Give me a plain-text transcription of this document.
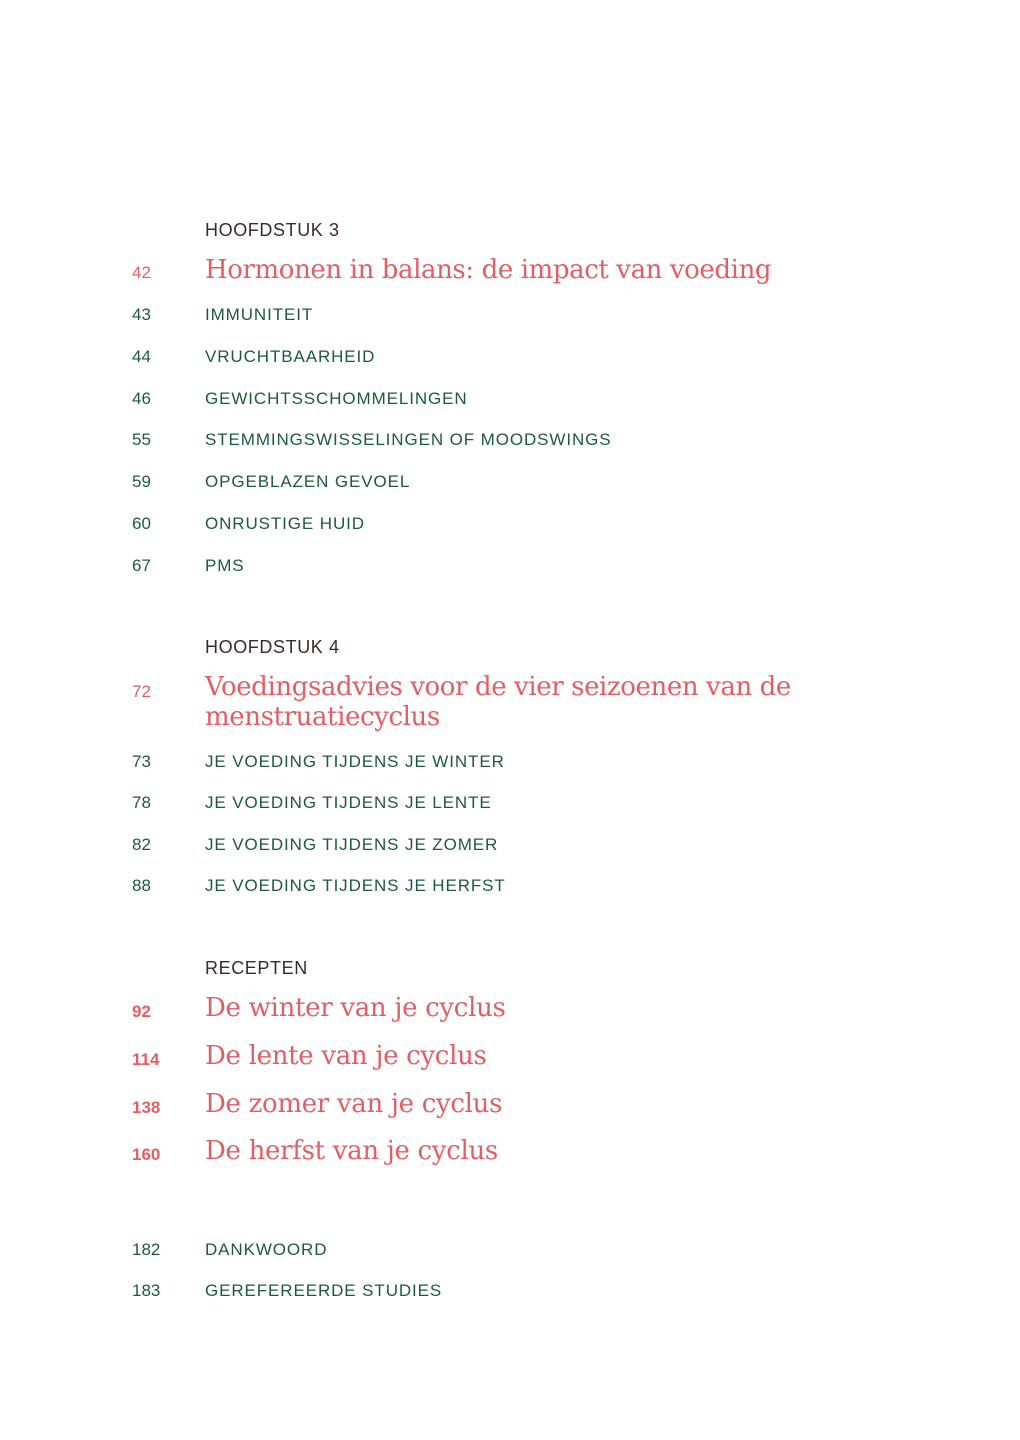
HOOFDSTUK 3
42 Hormonen in balans: de impact van voeding
43	IMMUNITEIT
44	VRUCHTBAARHEID
46	GEWICHTSSCHOMMELINGEN
55	STEMMINGSWISSELINGEN OF MOODSWINGS
59	OPGEBLAZEN GEVOEL
60	ONRUSTIGE HUID
67	PMS
HOOFDSTUK 4
72 Voedingsadvies voor de vier seizoenen van de
menstruatiecyclus
73	JE VOEDING TIJDENS JE WINTER
78	JE VOEDING TIJDENS JE LENTE
82	JE VOEDING TIJDENS JE ZOMER
88	JE VOEDING TIJDENS JE HERFST
RECEPTEN
92 De winter van je cyclus
114 De lente van je cyclus
138 De zomer van je cyclus
160 De herfst van je cyclus
182	DANKWOORD
183	GEREFEREERDE STUDIES
